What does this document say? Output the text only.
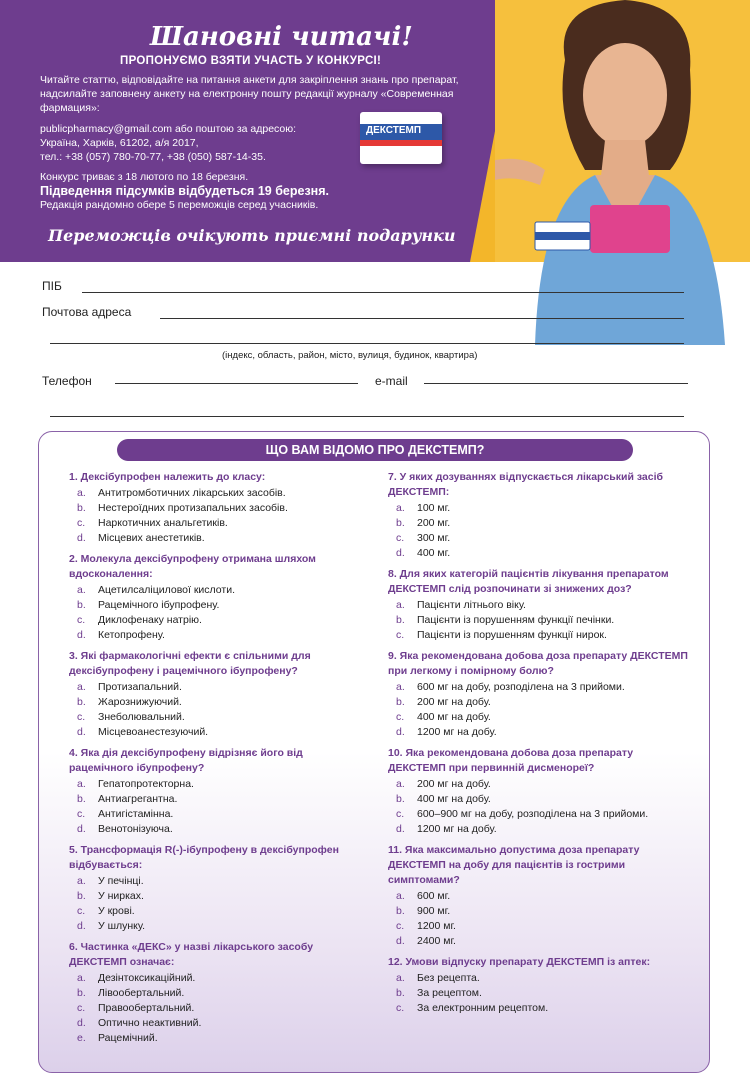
Шановні читачі!
ПРОПОНУЄМО ВЗЯТИ УЧАСТЬ У КОНКУРСІ!
Читайте статтю, відповідайте на питання анкети для закріплення знань про препарат, надсилайте заповнену анкету на електронну пошту редакції журналу «Современная фармация»:
publicpharmacy@gmail.com або поштою за адресою:
Україна, Харків, 61202, а/я 2017,
тел.: +38 (057) 780-70-77, +38 (050) 587-14-35.
Конкурс триває з 18 лютого по 18 березня.
Підведення підсумків відбудеться 19 березня.
Редакція рандомно обере 5 переможців серед учасників.
Переможців очікують приємні подарунки
ДЕКСТЕМП
ПІБ
Почтова адреса
(індекс, область, район, місто, вулиця, будинок, квартира)
Телефон	e-mail
ЩО ВАМ ВІДОМО ПРО ДЕКСТЕМП?
1. Дексібупрофен належить до класу:
a.	Антитромботичних лікарських засобів.
b.	Нестероїдних протизапальних засобів.
c.	Наркотичних анальгетиків.
d.	Місцевих анестетиків.
2. Молекула дексібупрофену отримана шляхом вдосконалення:
a.	Ацетилсаліцилової кислоти.
b.	Рацемічного ібупрофену.
c.	Диклофенаку натрію.
d.	Кетопрофену.
3. Які фармакологічні ефекти є спільними для дексібупрофену і рацемічного ібупрофену?
a.	Протизапальний.
b.	Жарознижуючий.
c.	Знеболювальний.
d.	Місцевоанестезуючий.
4. Яка дія дексібупрофену відрізняє його від рацемічного ібупрофену?
a.	Гепатопротекторна.
b.	Антиагрегантна.
c.	Антигістамінна.
d.	Венотонізуюча.
5. Трансформація R(-)-ібупрофену в дексібупрофен відбувається:
a.	У печінці.
b.	У нирках.
c.	У крові.
d.	У шлунку.
6. Частинка «ДЕКС» у назві лікарського засобу ДЕКСТЕМП означає:
a.	Дезінтоксикаційний.
b.	Лівообертальний.
c.	Правообертальний.
d.	Оптично неактивний.
e.	Рацемічний.
7. У яких дозуваннях відпускається лікарський засіб ДЕКСТЕМП:
a.	100 мг.
b.	200 мг.
c.	300 мг.
d.	400 мг.
8. Для яких категорій пацієнтів лікування препаратом ДЕКСТЕМП слід розпочинати зі знижених доз?
a.	Пацієнти літнього віку.
b.	Пацієнти із порушенням функції печінки.
c.	Пацієнти із порушенням функції нирок.
9. Яка рекомендована добова доза препарату ДЕКСТЕМП при легкому і помірному болю?
a.	600 мг на добу, розподілена на 3 прийоми.
b.	200 мг на добу.
c.	400 мг на добу.
d.	1200 мг на добу.
10. Яка рекомендована добова доза препарату ДЕКСТЕМП при первинній дисменореї?
a.	200 мг на добу.
b.	400 мг на добу.
c.	600–900 мг на добу, розподілена на 3 прийоми.
d.	1200 мг на добу.
11. Яка максимально допустима доза препарату ДЕКСТЕМП на добу для пацієнтів із гострими симптомами?
a.	600 мг.
b.	900 мг.
c.	1200 мг.
d.	2400 мг.
12. Умови відпуску препарату ДЕКСТЕМП із аптек:
a.	Без рецепта.
b.	За рецептом.
c.	За електронним рецептом.
